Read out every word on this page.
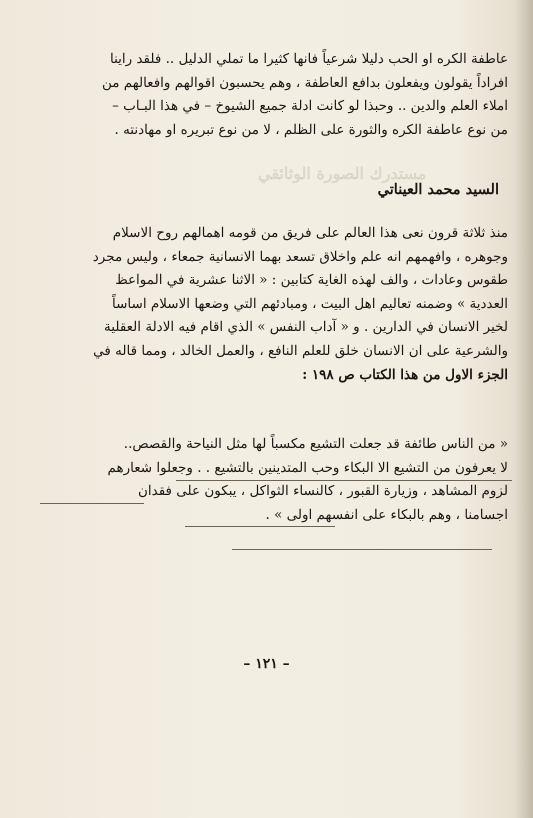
عاطفة الكره او الحب دليلا شرعياً فانها كثيرا ما تملي الدليل .. فلقد راينا
افراداً يقولون ويفعلون بدافع العاطفة ، وهم يحسبون اقوالهم وافعالهم من
املاء العلم والدين .. وحبذا لو كانت ادلة جميع الشيوخ – في هذا البـاب –
من نوع عاطفة الكره والثورة على الظلم ، لا من نوع تبريره او مهادنته .
مستدرك الصورة الوثائقي
السيد محمد العيناتي
منذ ثلاثة قرون نعى هذا العالم على فريق من قومه اهمالهم روح الاسلام
وجوهره ، وافهمهم انه علم واخلاق تسعد بهما الانسانية جمعاء ، وليس مجرد
طقوس وعادات ، والف لهذه الغاية كتابين : « الاثنا عشرية في المواعظ
العددية » وضمنه تعاليم اهل البيت ، ومبادئهم التي وضعها الاسلام اساساً
لخير الانسان في الدارين . و « آداب النفس » الذي اقام فيه الادلة العقلية
والشرعية على ان الانسان خلق للعلم النافع ، والعمل الخالد ، ومما قاله في
الجزء الاول من هذا الكتاب ص ١٩٨ :
« من الناس طائفة قد جعلت التشيع مكسباً لها مثل النياحة والقصص..
لا يعرفون من التشيع الا البكاء وحب المتدينين بالتشيع . . وجعلوا شعارهم
لزوم المشاهد ، وزيارة القبور ، كالنساء الثواكل ، يبكون على فقدان
اجسامنا ، وهم بالبكاء على انفسهم اولى » .
– ١٢١ –
